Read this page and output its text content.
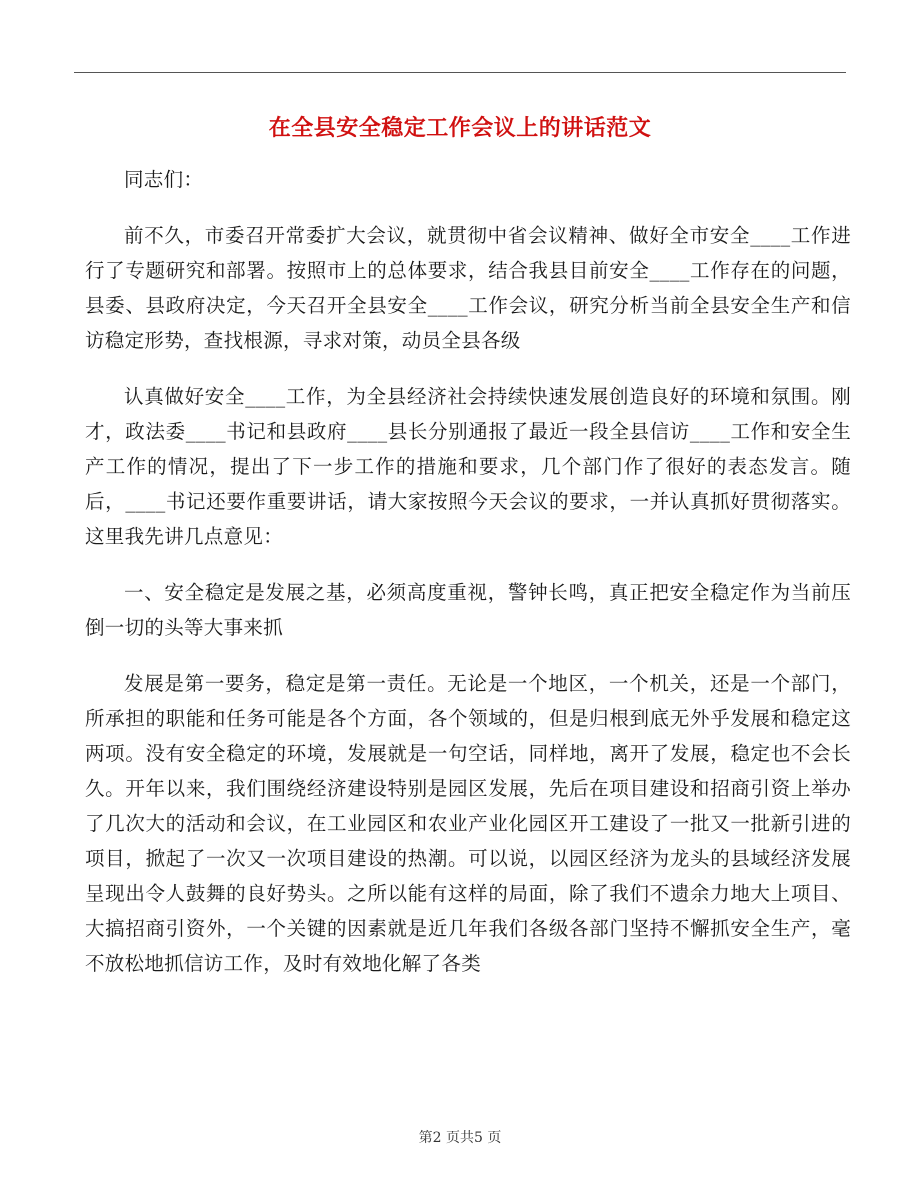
在全县安全稳定工作会议上的讲话范文

同志们：

前不久，市委召开常委扩大会议，就贯彻中省会议精神、做好全市安全____工作进行了专题研究和部署。按照市上的总体要求，结合我县目前安全____工作存在的问题，县委、县政府决定，今天召开全县安全____工作会议，研究分析当前全县安全生产和信访稳定形势，查找根源，寻求对策，动员全县各级

认真做好安全____工作，为全县经济社会持续快速发展创造良好的环境和氛围。刚才，政法委____书记和县政府____县长分别通报了最近一段全县信访____工作和安全生产工作的情况，提出了下一步工作的措施和要求，几个部门作了很好的表态发言。随后，____书记还要作重要讲话，请大家按照今天会议的要求，一并认真抓好贯彻落实。这里我先讲几点意见：

一、安全稳定是发展之基，必须高度重视，警钟长鸣，真正把安全稳定作为当前压倒一切的头等大事来抓

发展是第一要务，稳定是第一责任。无论是一个地区，一个机关，还是一个部门，所承担的职能和任务可能是各个方面，各个领域的，但是归根到底无外乎发展和稳定这两项。没有安全稳定的环境，发展就是一句空话，同样地，离开了发展，稳定也不会长久。开年以来，我们围绕经济建设特别是园区发展，先后在项目建设和招商引资上举办了几次大的活动和会议，在工业园区和农业产业化园区开工建设了一批又一批新引进的项目，掀起了一次又一次项目建设的热潮。可以说，以园区经济为龙头的县域经济发展呈现出令人鼓舞的良好势头。之所以能有这样的局面，除了我们不遗余力地大上项目、大搞招商引资外，一个关键的因素就是近几年我们各级各部门坚持不懈抓安全生产，毫不放松地抓信访工作，及时有效地化解了各类

第2 页共5 页
